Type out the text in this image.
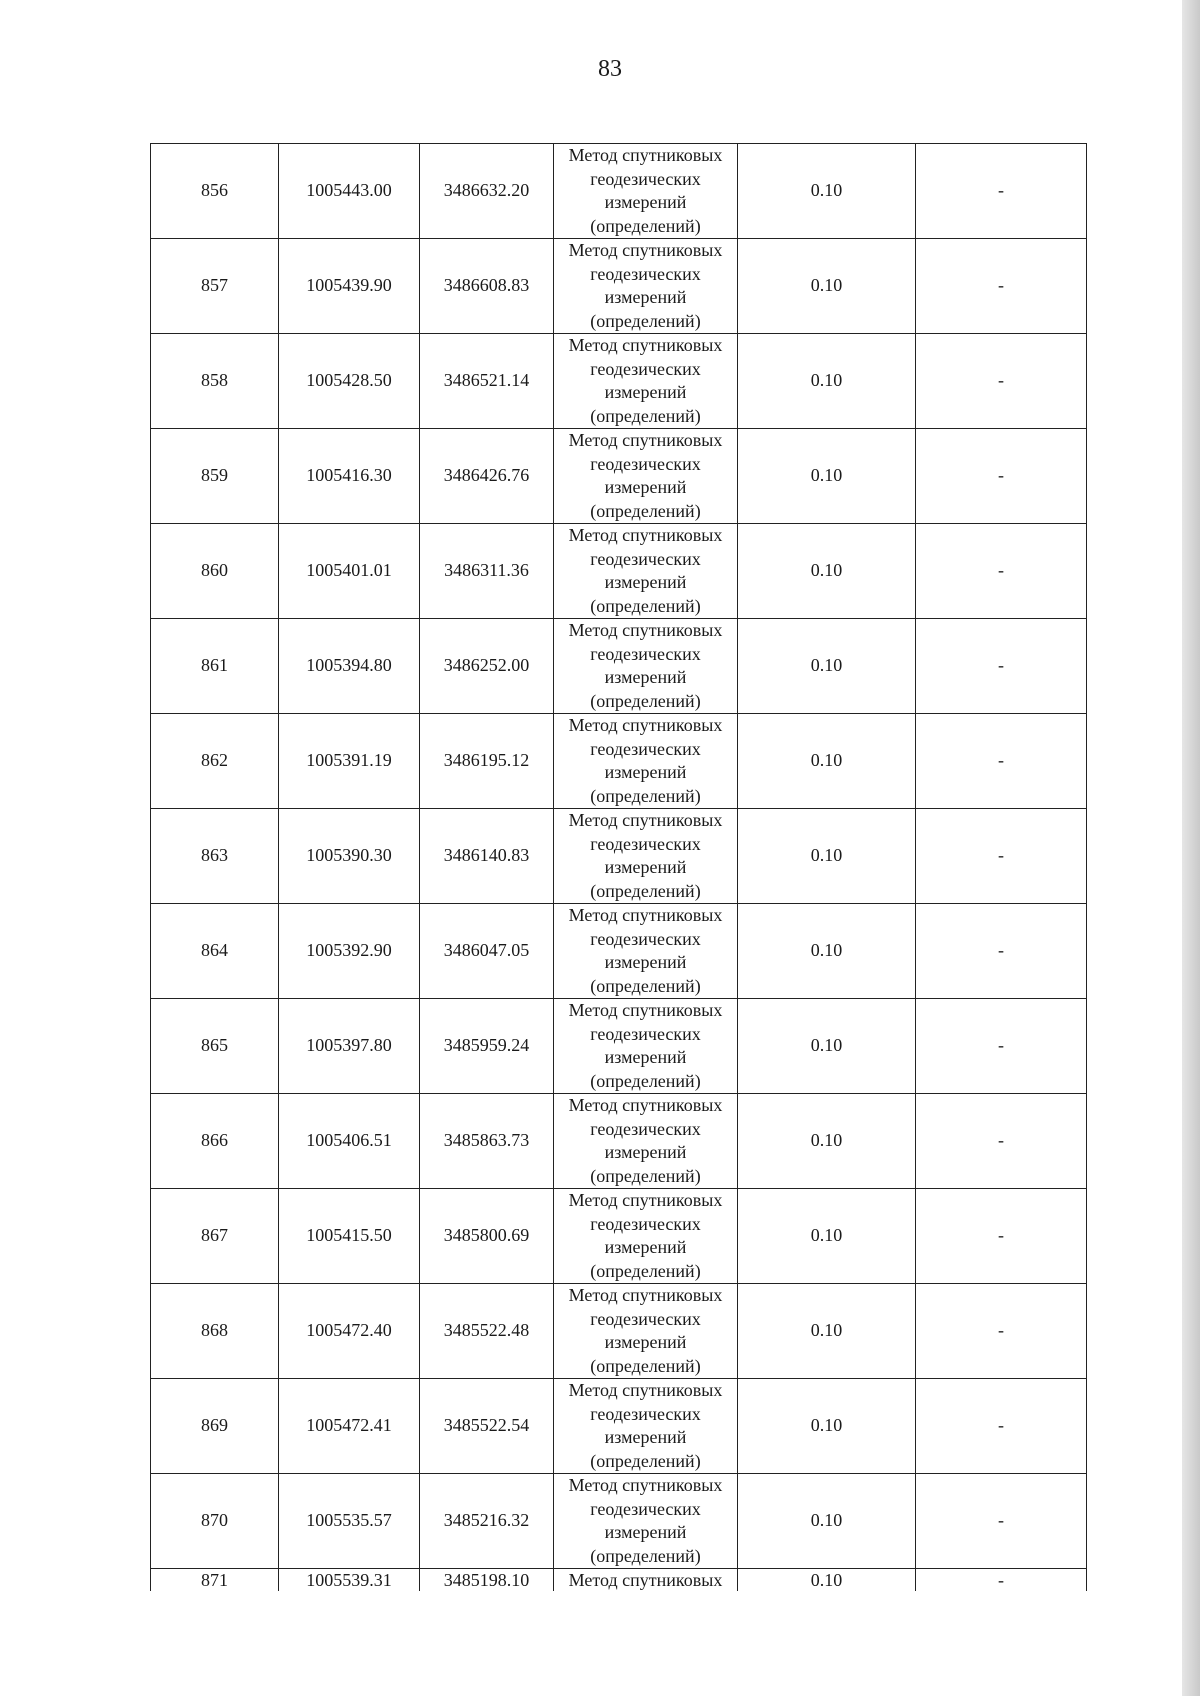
83
856	1005443.00	3486632.20	Метод спутниковых
геодезических
измерений
(определений)	0.10	-
857	1005439.90	3486608.83	Метод спутниковых
геодезических
измерений
(определений)	0.10	-
858	1005428.50	3486521.14	Метод спутниковых
геодезических
измерений
(определений)	0.10	-
859	1005416.30	3486426.76	Метод спутниковых
геодезических
измерений
(определений)	0.10	-
860	1005401.01	3486311.36	Метод спутниковых
геодезических
измерений
(определений)	0.10	-
861	1005394.80	3486252.00	Метод спутниковых
геодезических
измерений
(определений)	0.10	-
862	1005391.19	3486195.12	Метод спутниковых
геодезических
измерений
(определений)	0.10	-
863	1005390.30	3486140.83	Метод спутниковых
геодезических
измерений
(определений)	0.10	-
864	1005392.90	3486047.05	Метод спутниковых
геодезических
измерений
(определений)	0.10	-
865	1005397.80	3485959.24	Метод спутниковых
геодезических
измерений
(определений)	0.10	-
866	1005406.51	3485863.73	Метод спутниковых
геодезических
измерений
(определений)	0.10	-
867	1005415.50	3485800.69	Метод спутниковых
геодезических
измерений
(определений)	0.10	-
868	1005472.40	3485522.48	Метод спутниковых
геодезических
измерений
(определений)	0.10	-
869	1005472.41	3485522.54	Метод спутниковых
геодезических
измерений
(определений)	0.10	-
870	1005535.57	3485216.32	Метод спутниковых
геодезических
измерений
(определений)	0.10	-
871	1005539.31	3485198.10	Метод спутниковых	0.10	-
